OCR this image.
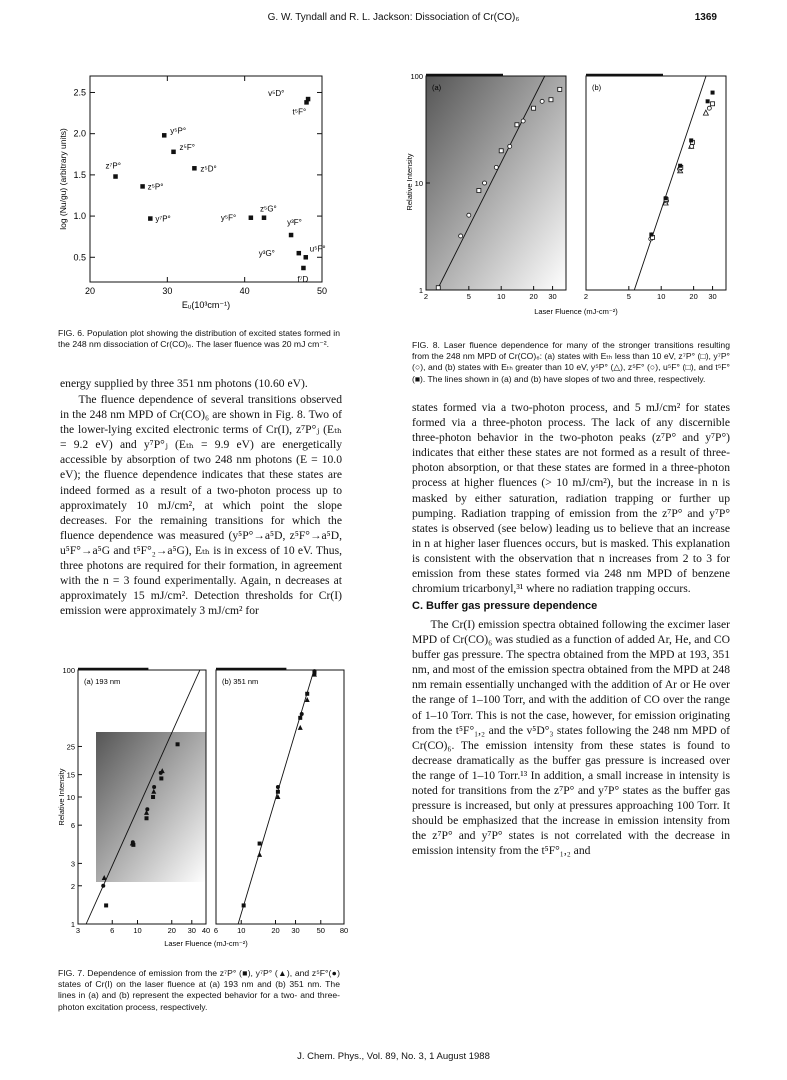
G. W. Tyndall and R. L. Jackson: Dissociation of Cr(CO)₆	1369
20	30	40	50
0.5
1.0
1.5
2.0
2.5
Eᵤ(10³cm⁻¹)
log (Nu/gu) (arbitrary units)
v⁵D°
t⁵F°
y⁵P°
z⁵F°
z⁷P°	z⁵D°
z⁵P°
y⁷P°	y⁵F°
z⁵G°
y³F°
y³G°
u⁵F°
f⁷D
FIG. 6. Population plot showing the distribution of excited states formed in the 248 nm dissociation of Cr(CO)₆. The laser fluence was 20 mJ cm⁻².
2	5	10	20 30
1
10
100
(a)
2	5	10	20 30
(b)
Relative Intensity
Laser Fluence (mJ-cm⁻²)
FIG. 8. Laser fluence dependence for many of the stronger transitions resulting from the 248 nm MPD of Cr(CO)₆: (a) states with Eₜₕ less than 10 eV, z⁷P° (□), y⁷P° (○), and (b) states with Eₜₕ greater than 10 eV, y⁵P° (△), z⁵F° (○), u⁵F° (□), and t⁵F° (■). The lines shown in (a) and (b) have slopes of two and three, respectively.
energy supplied by three 351 nm photons (10.60 eV).
The fluence dependence of several transitions observed in the 248 nm MPD of Cr(CO)₆ are shown in Fig. 8. Two of the lower-lying excited electronic terms of Cr(I), z⁷P°ⱼ (Eₜₕ = 9.2 eV) and y⁷P°ⱼ (Eₜₕ = 9.9 eV) are energetically accessible by absorption of two 248 nm photons (E = 10.0 eV); the fluence dependence indicates that these states are indeed formed as a result of a two-photon process up to approximately 10 mJ/cm², at which point the slope decreases. For the remaining transitions for which the fluence dependence was measured (y⁵P°→a⁵D, z⁵F°→a⁵D, u⁵F°→a⁵G and t⁵F°₂→a⁵G), Eₜₕ is in excess of 10 eV. Thus, three photons are required for their formation, in agreement with the n = 3 found experimentally. Again, n decreases at approximately 15 mJ/cm². Detection thresholds for Cr(I) emission were approximately 3 mJ/cm² for
states formed via a two-photon process, and 5 mJ/cm² for states formed via a three-photon process. The lack of any discernible three-photon behavior in the two-photon peaks (z⁷P° and y⁷P°) indicates that either these states are not formed as a result of three-photon absorption, or that these states are formed in a three-photon process at higher fluences (> 10 mJ/cm²), but the increase in n is masked by either saturation, radiation trapping or further up pumping. Radiation trapping of emission from the z⁷P° and y⁷P° states is observed (see below) leading us to believe that an increase in n at higher laser fluences occurs, but is masked. This explanation is consistent with the observation that n increases from 2 to 3 for emission from these states formed via 248 nm MPD of benzene chromium tricarbonyl,³¹ where no radiation trapping occurs.
C. Buffer gas pressure dependence
The Cr(I) emission spectra obtained following the excimer laser MPD of Cr(CO)₆ was studied as a function of added Ar, He, and CO buffer gas pressure. The spectra obtained from the MPD at 193, 351 nm, and most of the emission spectra obtained from the MPD at 248 nm remain essentially unchanged with the addition of Ar or He over the range of 1–100 Torr, and with the addition of CO over the range of 1–10 Torr. This is not the case, however, for emission originating from the t⁵F°₁,₂ and the v⁵D°₃ states following the 248 nm MPD of Cr(CO)₆. The emission intensity from these states is found to decrease dramatically as the buffer gas pressure is increased over the range of 1–10 Torr.¹³ In addition, a small increase in intensity is noted for transitions from the z⁷P° and y⁷P° states as the buffer gas pressure is increased, but only at pressures approaching 100 Torr. It should be emphasized that the increase in emission intensity from the z⁷P° and y⁷P° states is not correlated with the decrease in emission intensity from the t⁵F°₁,₂ and
3	6	10	20 30 40
1
2
3
6
10
15
25
100
(a) 193 nm
6	10	20 30 50 80
(b) 351 nm
Relative Intensity
Laser Fluence (mJ-cm⁻²)
FIG. 7. Dependence of emission from the z⁷P° (■), y⁷P° (▲), and z⁵F°(●) states of Cr(I) on the laser fluence at (a) 193 nm and (b) 351 nm. The lines in (a) and (b) represent the expected behavior for a two- and three-photon excitation process, respectively.
J. Chem. Phys., Vol. 89, No. 3, 1 August 1988
